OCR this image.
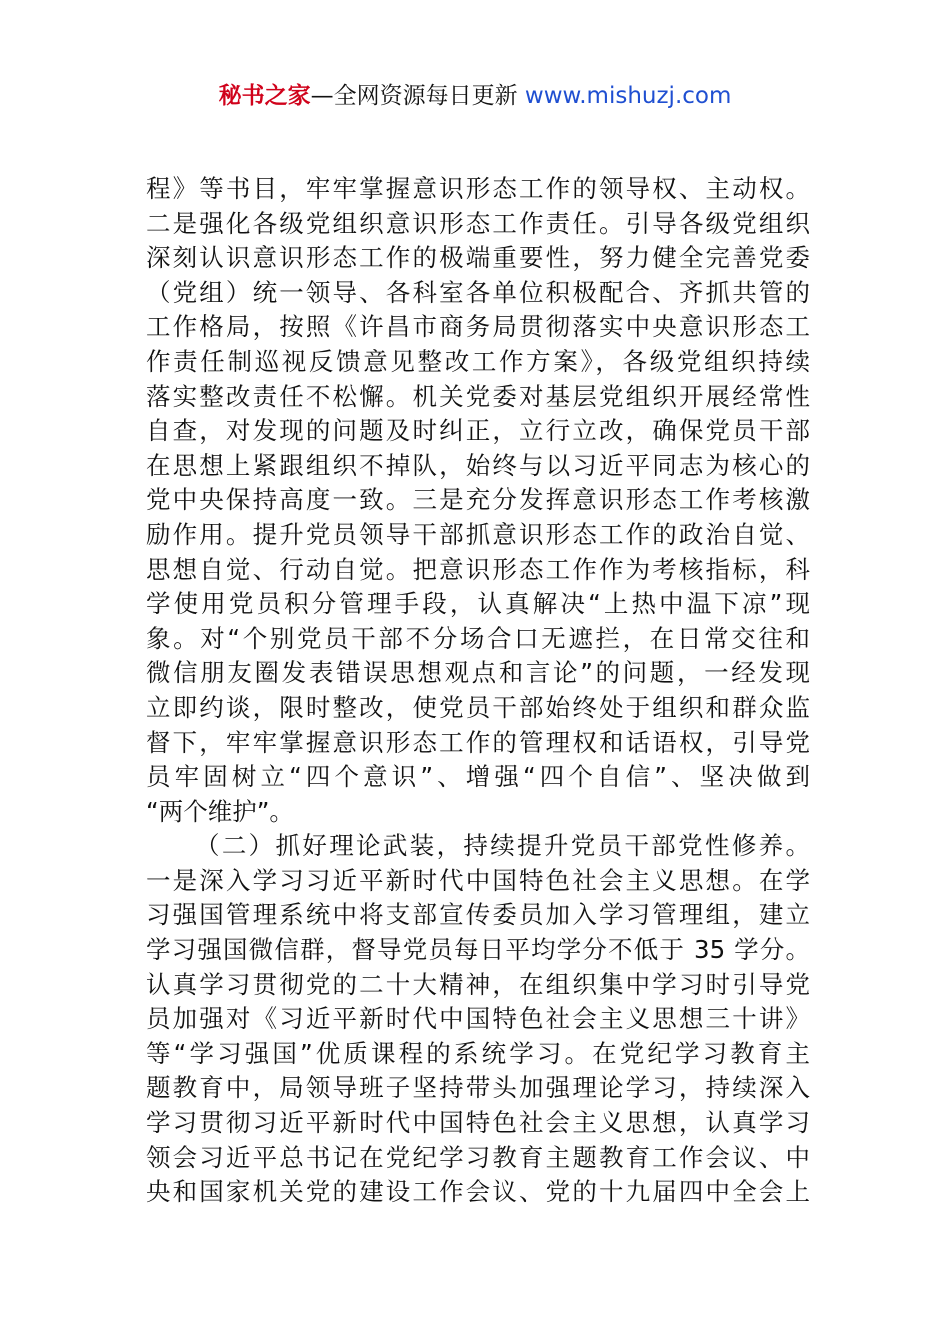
秘书之家—全网资源每日更新 www.mishuzj.com
程》等书目，牢牢掌握意识形态工作的领导权、主动权。
二是强化各级党组织意识形态工作责任。引导各级党组织
深刻认识意识形态工作的极端重要性，努力健全完善党委
（党组）统一领导、各科室各单位积极配合、齐抓共管的
工作格局，按照《许昌市商务局贯彻落实中央意识形态工
作责任制巡视反馈意见整改工作方案》，各级党组织持续
落实整改责任不松懈。机关党委对基层党组织开展经常性
自查，对发现的问题及时纠正，立行立改，确保党员干部
在思想上紧跟组织不掉队，始终与以习近平同志为核心的
党中央保持高度一致。三是充分发挥意识形态工作考核激
励作用。提升党员领导干部抓意识形态工作的政治自觉、
思想自觉、行动自觉。把意识形态工作作为考核指标，科
学使用党员积分管理手段，认真解决“上热中温下凉”现
象。对“个别党员干部不分场合口无遮拦，在日常交往和
微信朋友圈发表错误思想观点和言论”的问题，一经发现
立即约谈，限时整改，使党员干部始终处于组织和群众监
督下，牢牢掌握意识形态工作的管理权和话语权，引导党
员牢固树立“四个意识”、增强“四个自信”、坚决做到
“两个维护”。
（二）抓好理论武装，持续提升党员干部党性修养。
一是深入学习习近平新时代中国特色社会主义思想。在学
习强国管理系统中将支部宣传委员加入学习管理组，建立
学习强国微信群，督导党员每日平均学分不低于 35 学分。
认真学习贯彻党的二十大精神，在组织集中学习时引导党
员加强对《习近平新时代中国特色社会主义思想三十讲》
等“学习强国”优质课程的系统学习。在党纪学习教育主
题教育中，局领导班子坚持带头加强理论学习，持续深入
学习贯彻习近平新时代中国特色社会主义思想，认真学习
领会习近平总书记在党纪学习教育主题教育工作会议、中
央和国家机关党的建设工作会议、党的十九届四中全会上
